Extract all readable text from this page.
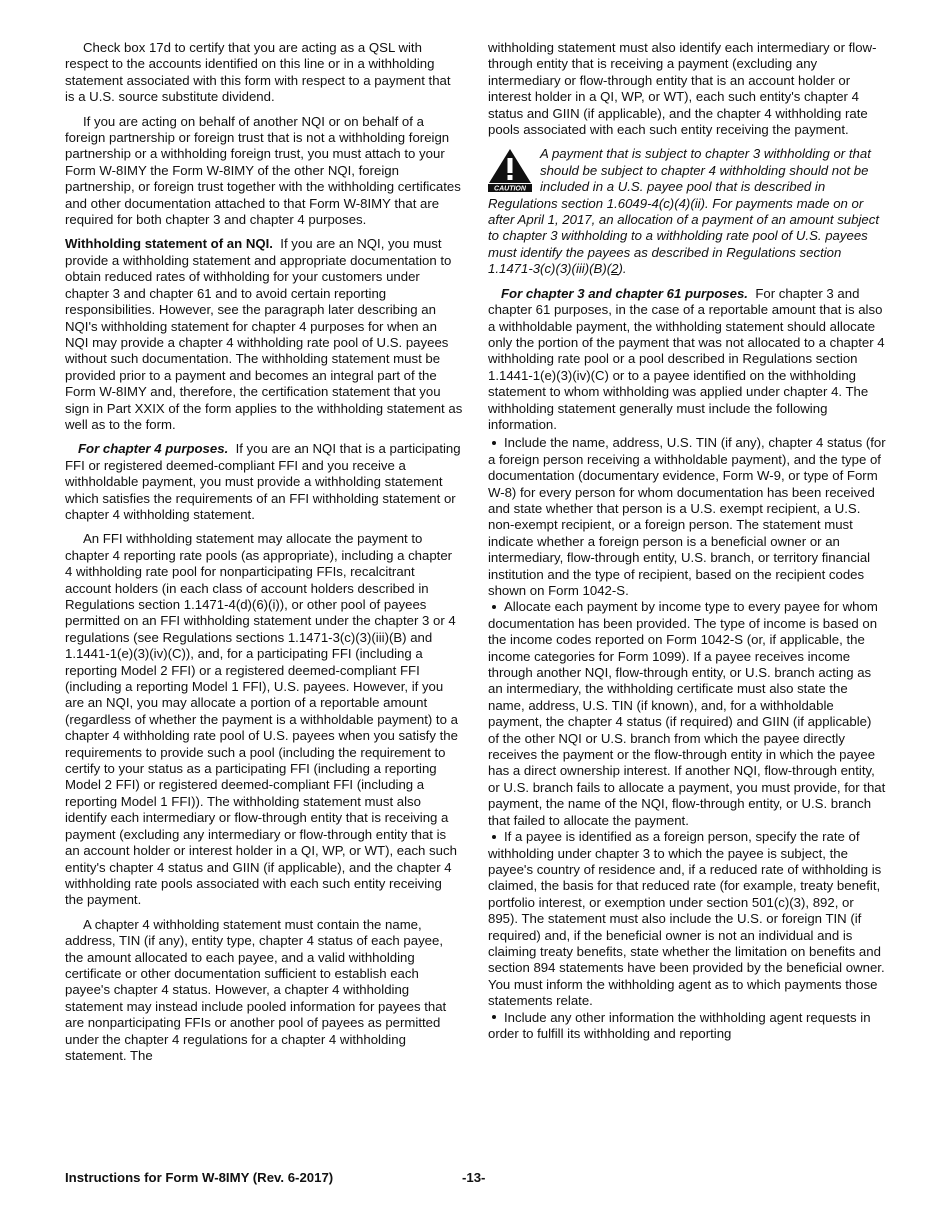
Check box 17d to certify that you are acting as a QSL with respect to the accounts identified on this line or in a withholding statement associated with this form with respect to a payment that is a U.S. source substitute dividend.

If you are acting on behalf of another NQI or on behalf of a foreign partnership or foreign trust that is not a withholding foreign partnership or a withholding foreign trust, you must attach to your Form W-8IMY the Form W-8IMY of the other NQI, foreign partnership, or foreign trust together with the withholding certificates and other documentation attached to that Form W-8IMY that are required for both chapter 3 and chapter 4 purposes.

Withholding statement of an NQI. If you are an NQI, you must provide a withholding statement and appropriate documentation to obtain reduced rates of withholding for your customers under chapter 3 and chapter 61 and to avoid certain reporting responsibilities. However, see the paragraph later describing an NQI's withholding statement for chapter 4 purposes for when an NQI may provide a chapter 4 withholding rate pool of U.S. payees without such documentation. The withholding statement must be provided prior to a payment and becomes an integral part of the Form W-8IMY and, therefore, the certification statement that you sign in Part XXIX of the form applies to the withholding statement as well as to the form.

For chapter 4 purposes. If you are an NQI that is a participating FFI or registered deemed-compliant FFI and you receive a withholdable payment, you must provide a withholding statement which satisfies the requirements of an FFI withholding statement or chapter 4 withholding statement.

An FFI withholding statement may allocate the payment to chapter 4 reporting rate pools (as appropriate), including a chapter 4 withholding rate pool for nonparticipating FFIs, recalcitrant account holders (in each class of account holders described in Regulations section 1.1471-4(d)(6)(i)), or other pool of payees permitted on an FFI withholding statement under the chapter 3 or 4 regulations (see Regulations sections 1.1471-3(c)(3)(iii)(B) and 1.1441-1(e)(3)(iv)(C)), and, for a participating FFI (including a reporting Model 2 FFI) or a registered deemed-compliant FFI (including a reporting Model 1 FFI), U.S. payees. However, if you are an NQI, you may allocate a portion of a reportable amount (regardless of whether the payment is a withholdable payment) to a chapter 4 withholding rate pool of U.S. payees when you satisfy the requirements to provide such a pool (including the requirement to certify to your status as a participating FFI (including a reporting Model 2 FFI) or registered deemed-compliant FFI (including a reporting Model 1 FFI)). The withholding statement must also identify each intermediary or flow-through entity that is receiving a payment (excluding any intermediary or flow-through entity that is an account holder or interest holder in a QI, WP, or WT), each such entity's chapter 4 status and GIIN (if applicable), and the chapter 4 withholding rate pools associated with each such entity receiving the payment.

A chapter 4 withholding statement must contain the name, address, TIN (if any), entity type, chapter 4 status of each payee, the amount allocated to each payee, and a valid withholding certificate or other documentation sufficient to establish each payee's chapter 4 status. However, a chapter 4 withholding statement may instead include pooled information for payees that are nonparticipating FFIs or another pool of payees as permitted under the chapter 4 regulations for a chapter 4 withholding statement. The

withholding statement must also identify each intermediary or flow-through entity that is receiving a payment (excluding any intermediary or flow-through entity that is an account holder or interest holder in a QI, WP, or WT), each such entity's chapter 4 status and GIIN (if applicable), and the chapter 4 withholding rate pools associated with each such entity receiving the payment.

CAUTION
A payment that is subject to chapter 3 withholding or that should be subject to chapter 4 withholding should not be included in a U.S. payee pool that is described in Regulations section 1.6049-4(c)(4)(ii). For payments made on or after April 1, 2017, an allocation of a payment of an amount subject to chapter 3 withholding to a withholding rate pool of U.S. payees must identify the payees as described in Regulations section 1.1471-3(c)(3)(iii)(B)(2).

For chapter 3 and chapter 61 purposes. For chapter 3 and chapter 61 purposes, in the case of a reportable amount that is also a withholdable payment, the withholding statement should allocate only the portion of the payment that was not allocated to a chapter 4 withholding rate pool or a pool described in Regulations section 1.1441-1(e)(3)(iv)(C) or to a payee identified on the withholding statement to whom withholding was applied under chapter 4. The withholding statement generally must include the following information.

Include the name, address, U.S. TIN (if any), chapter 4 status (for a foreign person receiving a withholdable payment), and the type of documentation (documentary evidence, Form W-9, or type of Form W-8) for every person for whom documentation has been received and state whether that person is a U.S. exempt recipient, a U.S. non-exempt recipient, or a foreign person. The statement must indicate whether a foreign person is a beneficial owner or an intermediary, flow-through entity, U.S. branch, or territory financial institution and the type of recipient, based on the recipient codes shown on Form 1042-S.

Allocate each payment by income type to every payee for whom documentation has been provided. The type of income is based on the income codes reported on Form 1042-S (or, if applicable, the income categories for Form 1099). If a payee receives income through another NQI, flow-through entity, or U.S. branch acting as an intermediary, the withholding certificate must also state the name, address, U.S. TIN (if known), and, for a withholdable payment, the chapter 4 status (if required) and GIIN (if applicable) of the other NQI or U.S. branch from which the payee directly receives the payment or the flow-through entity in which the payee has a direct ownership interest. If another NQI, flow-through entity, or U.S. branch fails to allocate a payment, you must provide, for that payment, the name of the NQI, flow-through entity, or U.S. branch that failed to allocate the payment.

If a payee is identified as a foreign person, specify the rate of withholding under chapter 3 to which the payee is subject, the payee's country of residence and, if a reduced rate of withholding is claimed, the basis for that reduced rate (for example, treaty benefit, portfolio interest, or exemption under section 501(c)(3), 892, or 895). The statement must also include the U.S. or foreign TIN (if required) and, if the beneficial owner is not an individual and is claiming treaty benefits, state whether the limitation on benefits and section 894 statements have been provided by the beneficial owner. You must inform the withholding agent as to which payments those statements relate.

Include any other information the withholding agent requests in order to fulfill its withholding and reporting

Instructions for Form W-8IMY (Rev. 6-2017)	-13-
